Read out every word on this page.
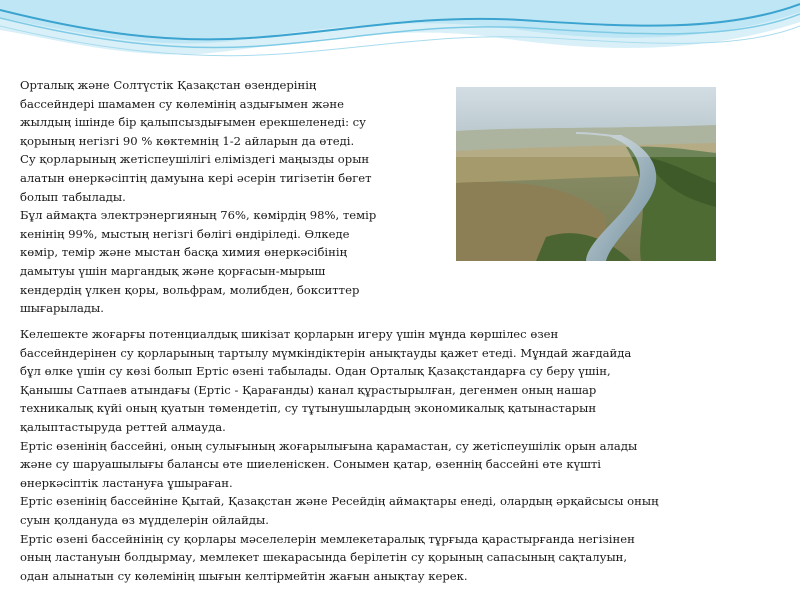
Орталық және Солтүстік Қазақстан өзендерінің
бассейндері шамамен су көлемінің аздығымен және
жылдың ішінде бір қалыпсыздығымен ерекшеленеді: су
қорының негізгі 90 % көктемнің 1-2 айларын да өтеді.
Су қорларының жетіспеушілігі еліміздегі маңызды орын
алатын өнеркәсіптің дамуына кері әсерін тигізетін бөгет
болып табылады.
Бұл аймақта электрэнергияның 76%, көмірдің 98%, темір
кенінің 99%, мыстың негізгі бөлігі өндіріледі. Өлкеде
көмір, темір және мыстан басқа химия өнеркәсібінің
дамытуы үшін маргандық және қорғасын-мырыш
кендердің үлкен қоры, вольфрам, молибден, бокситтер
шығарылады.
Келешекте жоғарғы потенциалдық шикізат қорларын игеру үшін мұнда көршілес өзен
бассейндерінен су қорларының тартылу мүмкіндіктерін анықтауды қажет етеді. Мұндай жағдайда
бұл өлке үшін су көзі болып Ертіс өзені табылады. Одан Орталық Қазақстандарға су беру үшін,
Қанышы Сатпаев атындағы (Ертіс - Қарағанды) канал құрастырылған, дегенмен оның нашар
техникалық күйі оның қуатын төмендетіп, су тұтынушылардың экономикалық қатынастарын
қалыптастыруда реттей алмауда.
Ертіс өзенінің бассейні, оның сулығының жоғарылығына қарамастан, су жетіспеушілік орын алады
және су шаруашылығы балансы өте шиеленіскен. Сонымен қатар, өзеннің бассейні өте күшті
өнеркәсіптік ластануға ұшыраған.
Ертіс өзенінің бассейніне Қытай, Қазақстан және Ресейдің аймақтары енеді, олардың әрқайсысы оның
суын қолдануда өз мүдделерін ойлайды.
Ертіс өзені бассейнінің су қорлары мәселелерін мемлекетаралық тұрғыда қарастырғанда негізінен
оның ластануын болдырмау, мемлекет шекарасында берілетін су қорының сапасының сақталуын,
одан алынатын су көлемінің шығын келтірмейтін жағын анықтау керек.
